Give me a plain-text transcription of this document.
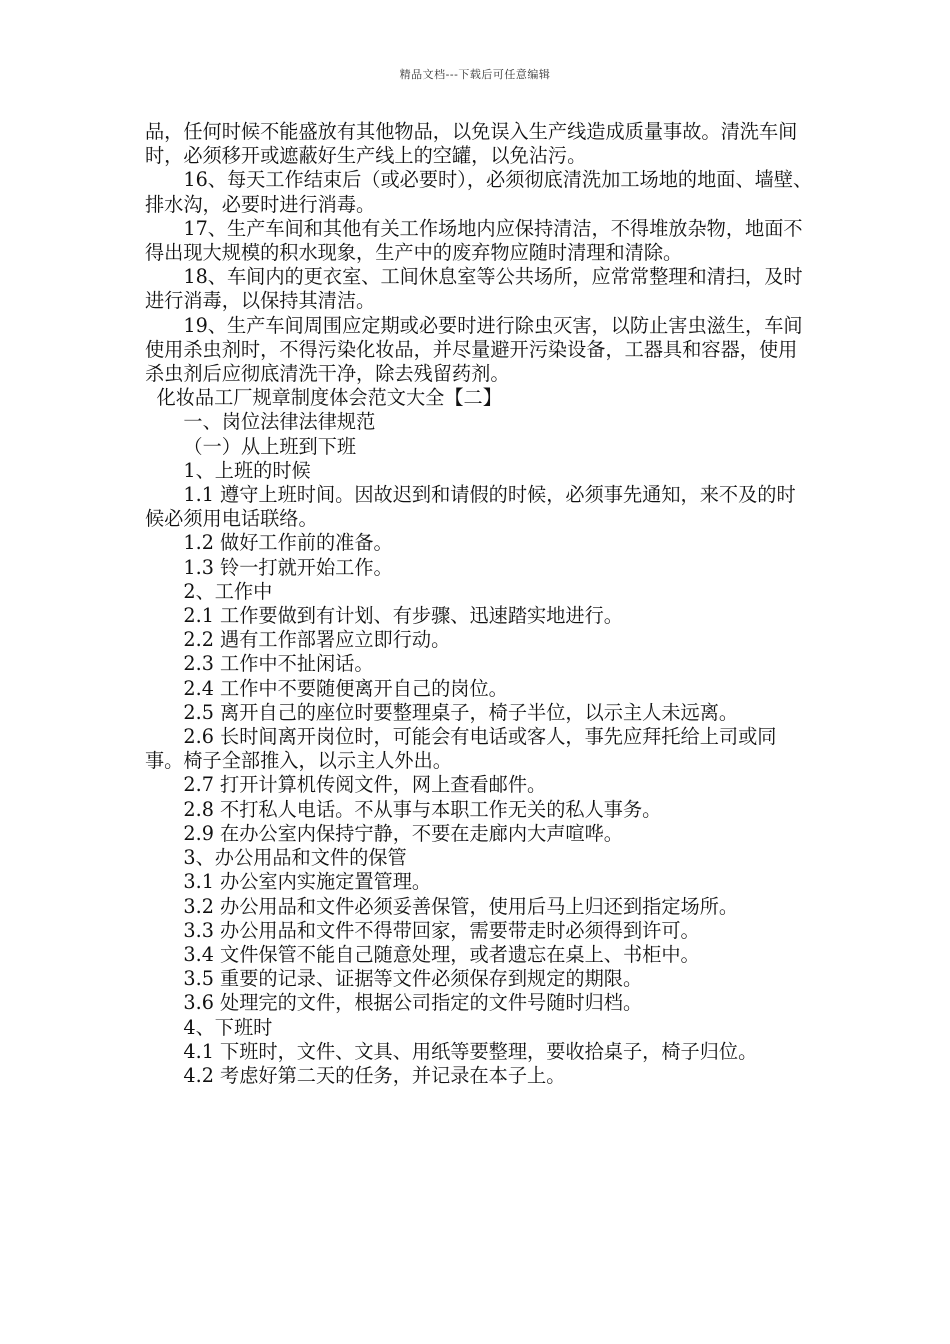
精品文档---下载后可任意编辑

品，任何时候不能盛放有其他物品，以免误入生产线造成质量事故。清洗车间时，必须移开或遮蔽好生产线上的空罐，以免沾污。

16、每天工作结束后（或必要时），必须彻底清洗加工场地的地面、墙壁、排水沟，必要时进行消毒。

17、生产车间和其他有关工作场地内应保持清洁，不得堆放杂物，地面不得出现大规模的积水现象，生产中的废弃物应随时清理和清除。

18、车间内的更衣室、工间休息室等公共场所，应常常整理和清扫，及时进行消毒，以保持其清洁。

19、生产车间周围应定期或必要时进行除虫灭害，以防止害虫滋生，车间使用杀虫剂时，不得污染化妆品，并尽量避开污染设备，工器具和容器，使用杀虫剂后应彻底清洗干净，除去残留药剂。

化妆品工厂规章制度体会范文大全【二】

一、岗位法律法律规范

（一）从上班到下班

1、上班的时候

1.1 遵守上班时间。因故迟到和请假的时候，必须事先通知，来不及的时候必须用电话联络。

1.2 做好工作前的准备。

1.3 铃一打就开始工作。

2、工作中

2.1 工作要做到有计划、有步骤、迅速踏实地进行。

2.2 遇有工作部署应立即行动。

2.3 工作中不扯闲话。

2.4 工作中不要随便离开自己的岗位。

2.5 离开自己的座位时要整理桌子，椅子半位，以示主人未远离。

2.6 长时间离开岗位时，可能会有电话或客人，事先应拜托给上司或同事。椅子全部推入，以示主人外出。

2.7 打开计算机传阅文件，网上查看邮件。

2.8 不打私人电话。不从事与本职工作无关的私人事务。

2.9 在办公室内保持宁静，不要在走廊内大声喧哗。

3、办公用品和文件的保管

3.1 办公室内实施定置管理。

3.2 办公用品和文件必须妥善保管，使用后马上归还到指定场所。

3.3 办公用品和文件不得带回家，需要带走时必须得到许可。

3.4 文件保管不能自己随意处理，或者遗忘在桌上、书柜中。

3.5 重要的记录、证据等文件必须保存到规定的期限。

3.6 处理完的文件，根据公司指定的文件号随时归档。

4、下班时

4.1 下班时，文件、文具、用纸等要整理，要收拾桌子，椅子归位。

4.2 考虑好第二天的任务，并记录在本子上。
